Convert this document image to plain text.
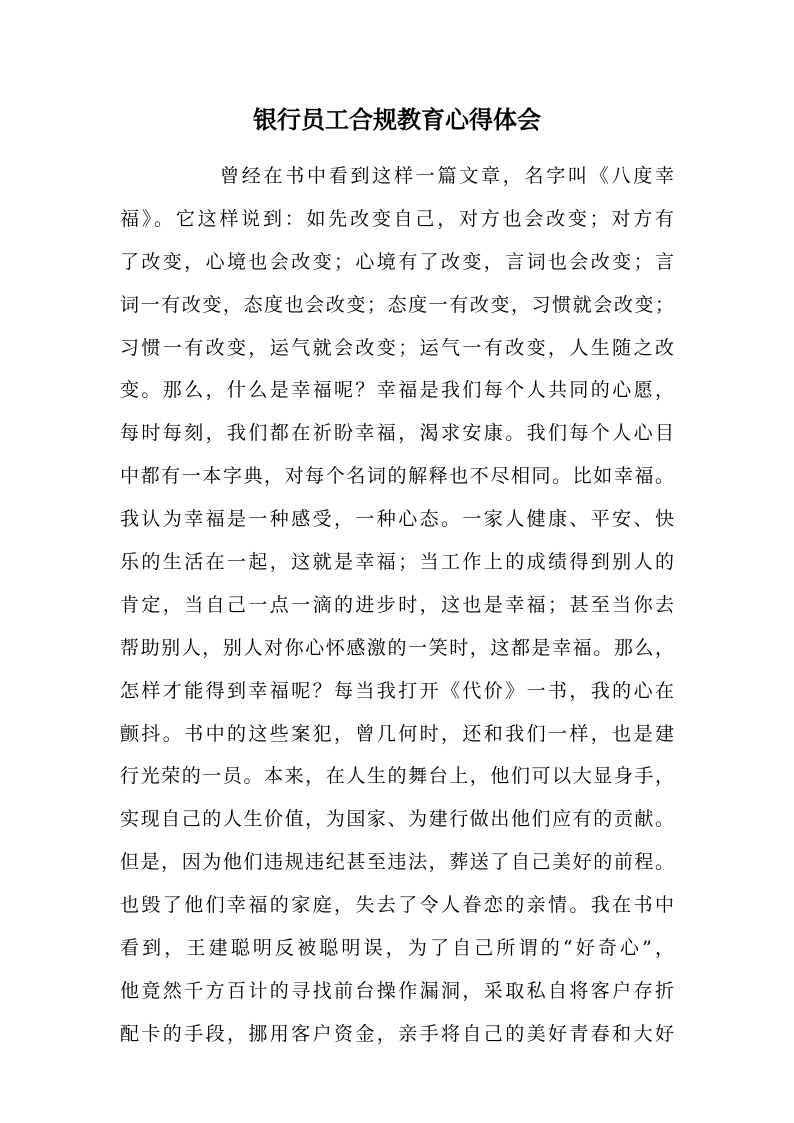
银行员工合规教育心得体会
曾经在书中看到这样一篇文章，名字叫《八度幸
福》。它这样说到：如先改变自己，对方也会改变；对方有
了改变，心境也会改变；心境有了改变，言词也会改变；言
词一有改变，态度也会改变；态度一有改变，习惯就会改变；
习惯一有改变，运气就会改变；运气一有改变，人生随之改
变。那么，什么是幸福呢？幸福是我们每个人共同的心愿，
每时每刻，我们都在祈盼幸福，渴求安康。我们每个人心目
中都有一本字典，对每个名词的解释也不尽相同。比如幸福。
我认为幸福是一种感受，一种心态。一家人健康、平安、快
乐的生活在一起，这就是幸福；当工作上的成绩得到别人的
肯定，当自己一点一滴的进步时，这也是幸福；甚至当你去
帮助别人，别人对你心怀感激的一笑时，这都是幸福。那么，
怎样才能得到幸福呢？每当我打开《代价》一书，我的心在
颤抖。书中的这些案犯，曾几何时，还和我们一样，也是建
行光荣的一员。本来，在人生的舞台上，他们可以大显身手，
实现自己的人生价值，为国家、为建行做出他们应有的贡献。
但是，因为他们违规违纪甚至违法，葬送了自己美好的前程。
也毁了他们幸福的家庭，失去了令人眷恋的亲情。我在书中
看到，王建聪明反被聪明误，为了自己所谓的“好奇心”，
他竟然千方百计的寻找前台操作漏洞，采取私自将客户存折
配卡的手段，挪用客户资金，亲手将自己的美好青春和大好
